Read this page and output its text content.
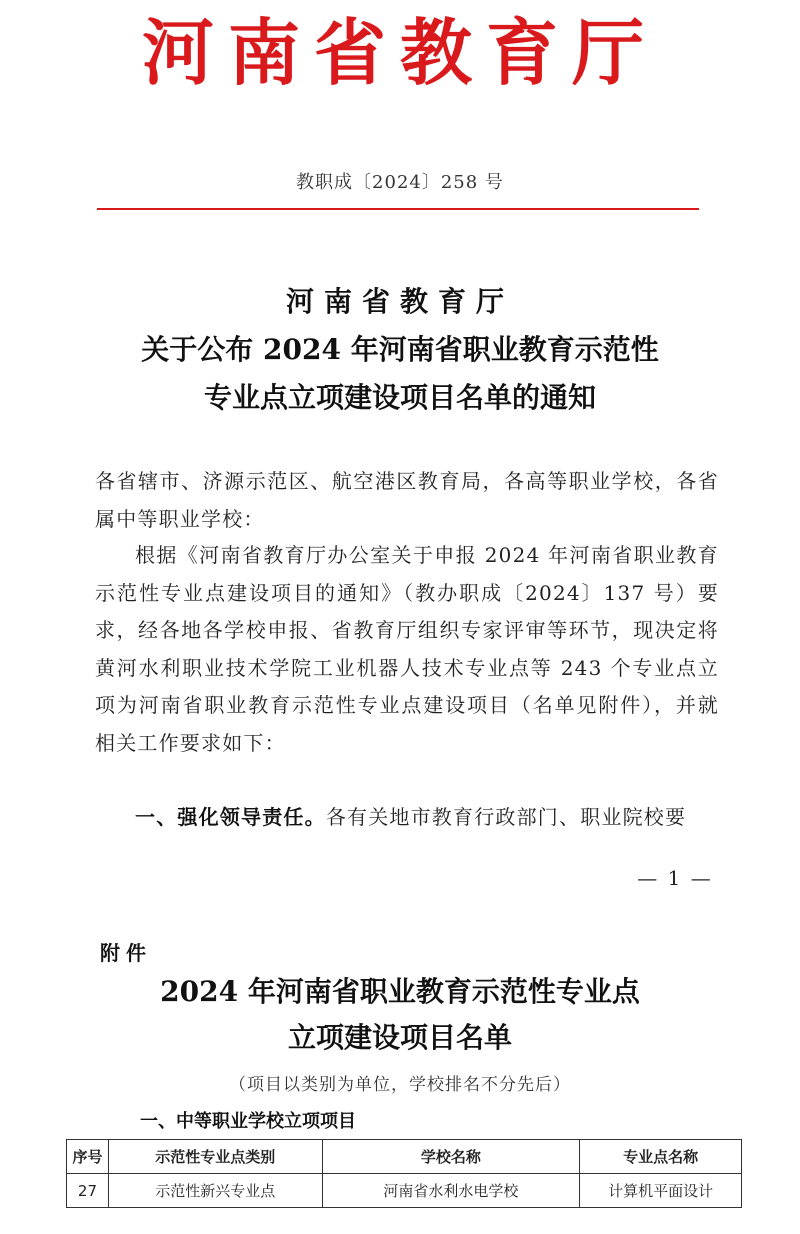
河南省教育厅
教职成〔2024〕258 号
河南省教育厅
关于公布 2024 年河南省职业教育示范性
专业点立项建设项目名单的通知
各省辖市、济源示范区、航空港区教育局，各高等职业学校，各省属中等职业学校：
根据《河南省教育厅办公室关于申报 2024 年河南省职业教育示范性专业点建设项目的通知》（教办职成〔2024〕137 号）要求，经各地各学校申报、省教育厅组织专家评审等环节，现决定将黄河水利职业技术学院工业机器人技术专业点等 243 个专业点立项为河南省职业教育示范性专业点建设项目（名单见附件），并就相关工作要求如下：
一、强化领导责任。各有关地市教育行政部门、职业院校要
— 1 —
附件
2024 年河南省职业教育示范性专业点
立项建设项目名单
（项目以类别为单位，学校排名不分先后）
一、中等职业学校立项项目
序号	示范性专业点类别	学校名称	专业点名称
27	示范性新兴专业点	河南省水利水电学校	计算机平面设计
